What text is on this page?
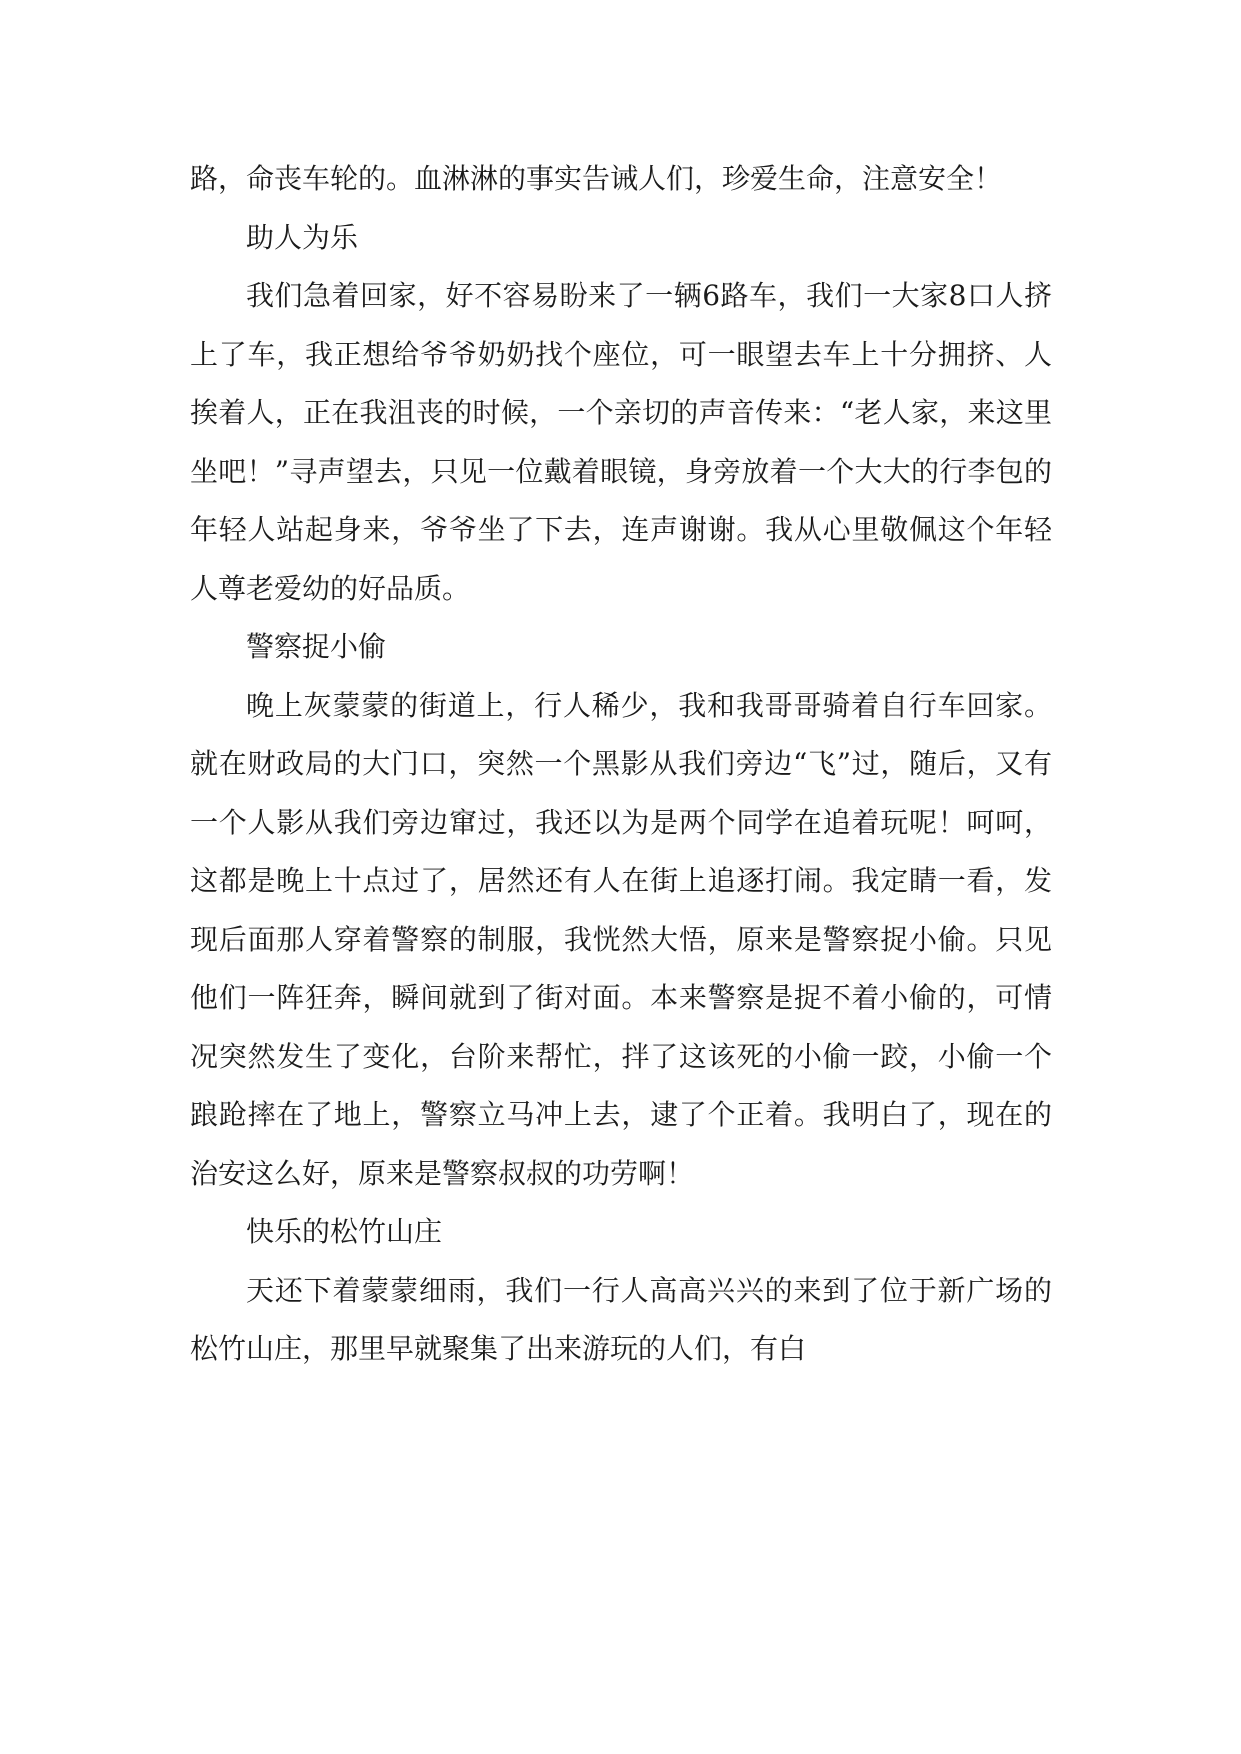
路，命丧车轮的。血淋淋的事实告诫人们，珍爱生命，注意安全！

助人为乐

我们急着回家，好不容易盼来了一辆6路车，我们一大家8口人挤上了车，我正想给爷爷奶奶找个座位，可一眼望去车上十分拥挤、人挨着人，正在我沮丧的时候，一个亲切的声音传来：“老人家，来这里坐吧！”寻声望去，只见一位戴着眼镜，身旁放着一个大大的行李包的年轻人站起身来，爷爷坐了下去，连声谢谢。我从心里敬佩这个年轻人尊老爱幼的好品质。

警察捉小偷

晚上灰蒙蒙的街道上，行人稀少，我和我哥哥骑着自行车回家。就在财政局的大门口，突然一个黑影从我们旁边“飞”过，随后，又有一个人影从我们旁边窜过，我还以为是两个同学在追着玩呢！呵呵，这都是晚上十点过了，居然还有人在街上追逐打闹。我定睛一看，发现后面那人穿着警察的制服，我恍然大悟，原来是警察捉小偷。只见他们一阵狂奔，瞬间就到了街对面。本来警察是捉不着小偷的，可情况突然发生了变化，台阶来帮忙，拌了这该死的小偷一跤，小偷一个踉跄摔在了地上，警察立马冲上去，逮了个正着。我明白了，现在的治安这么好，原来是警察叔叔的功劳啊！

快乐的松竹山庄

天还下着蒙蒙细雨，我们一行人高高兴兴的来到了位于新广场的松竹山庄，那里早就聚集了出来游玩的人们，有白
